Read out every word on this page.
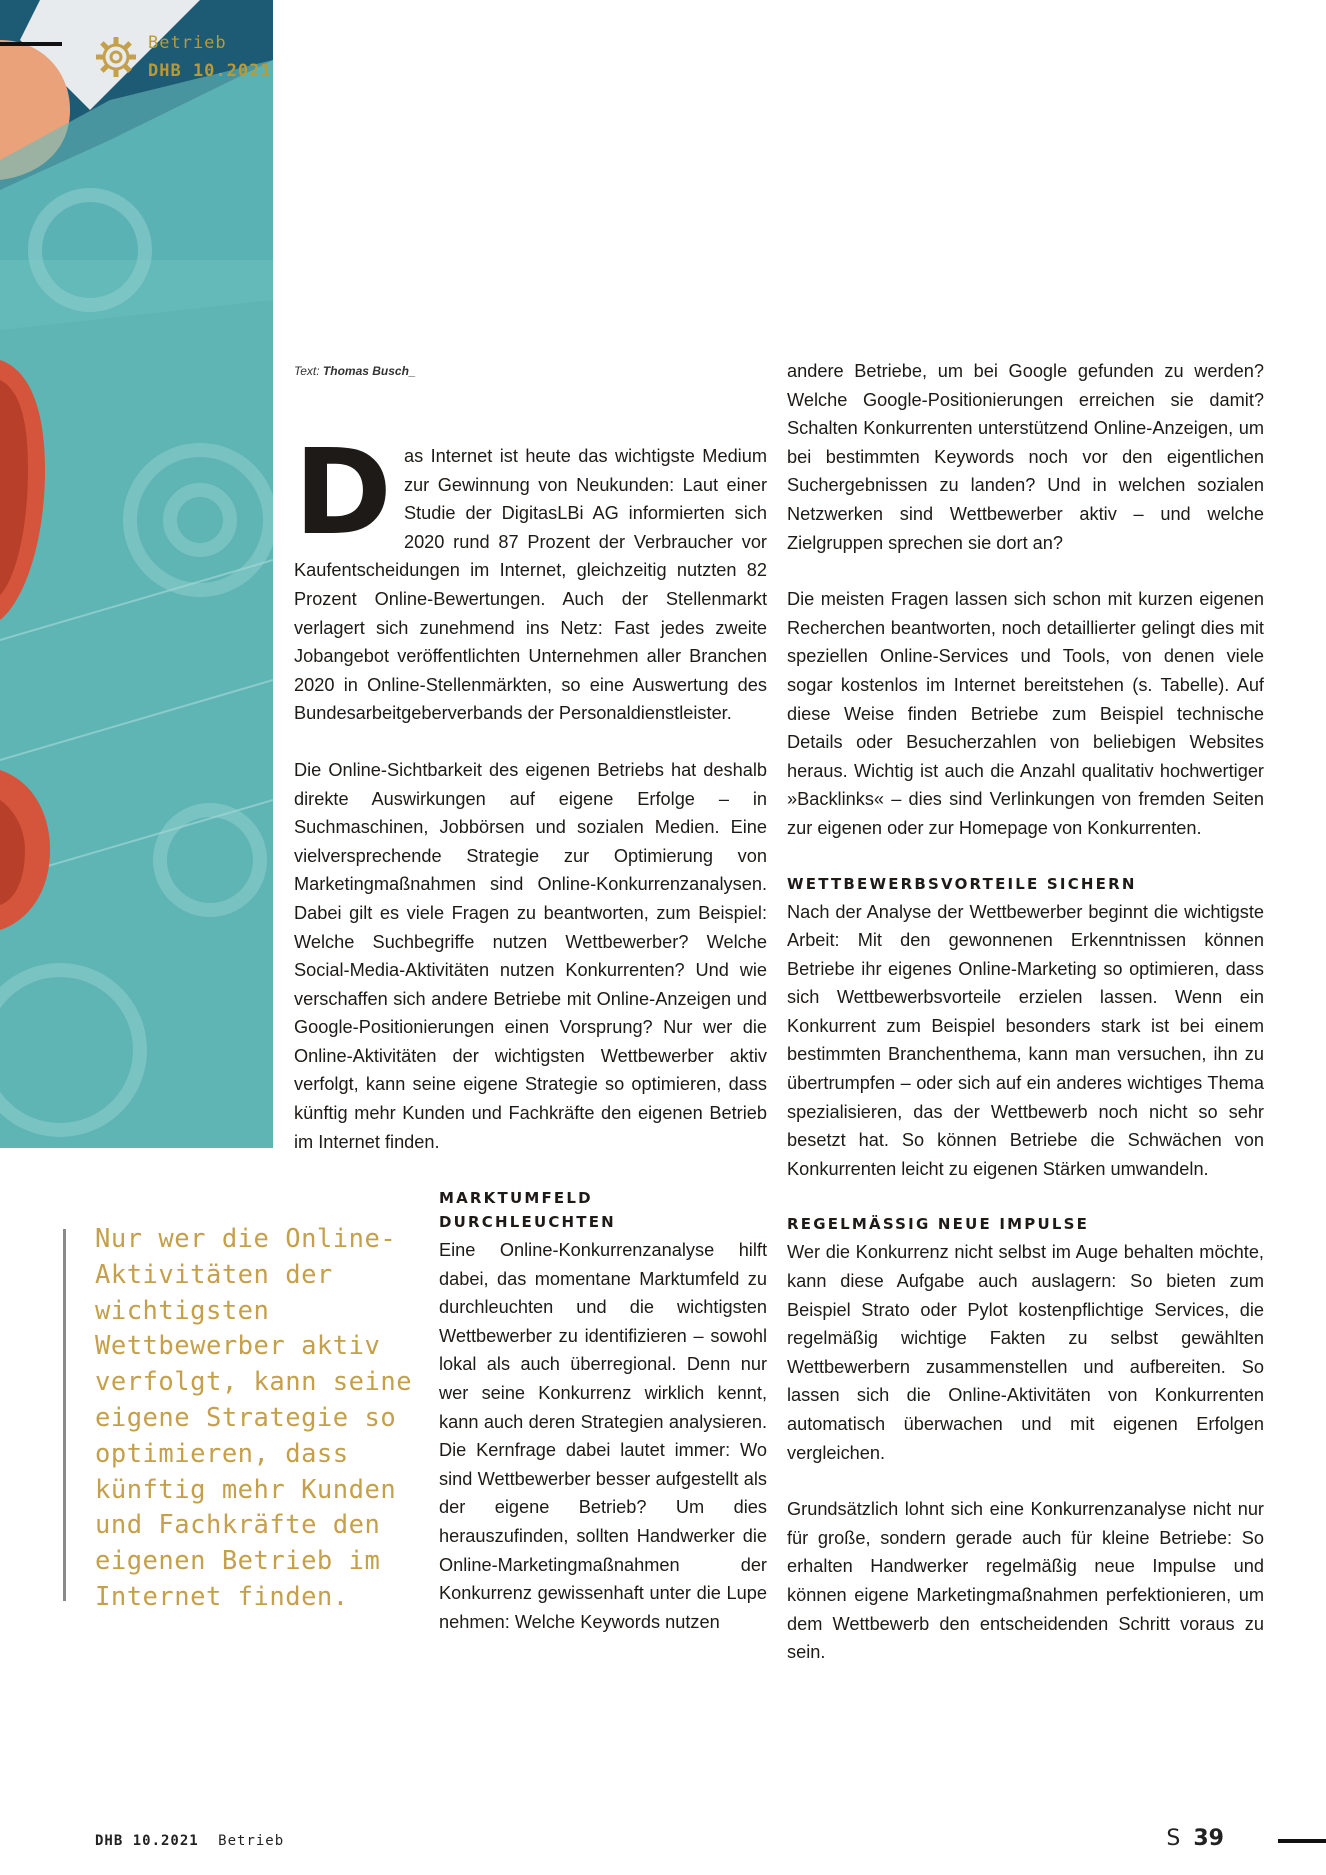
Betrieb
DHB 10.2021
Text: Thomas Busch_

Das Internet ist heute das wichtigste Medium zur Gewinnung von Neukunden: Laut einer Studie der DigitasLBi AG informierten sich 2020 rund 87 Prozent der Verbraucher vor Kaufentscheidungen im Internet, gleichzeitig nutzten 82 Prozent Online-Bewertungen. Auch der Stellenmarkt verlagert sich zunehmend ins Netz: Fast jedes zweite Jobangebot veröffentlichten Unternehmen aller Branchen 2020 in Online-Stellenmärkten, so eine Auswertung des Bundesarbeitgeberverbands der Personaldienstleister.

Die Online-Sichtbarkeit des eigenen Betriebs hat deshalb direkte Auswirkungen auf eigene Erfolge – in Suchmaschinen, Jobbörsen und sozialen Medien. Eine vielversprechende Strategie zur Optimierung von Marketingmaßnahmen sind Online-Konkurrenzanalysen. Dabei gilt es viele Fragen zu beantworten, zum Beispiel: Welche Suchbegriffe nutzen Wettbewerber? Welche Social-Media-Aktivitäten nutzen Konkurrenten? Und wie verschaffen sich andere Betriebe mit Online-Anzeigen und Google-Positionierungen einen Vorsprung? Nur wer die Online-Aktivitäten der wichtigsten Wettbewerber aktiv verfolgt, kann seine eigene Strategie so optimieren, dass künftig mehr Kunden und Fachkräfte den eigenen Betrieb im Internet finden.

MARKTUMFELD DURCHLEUCHTEN

Eine Online-Konkurrenzanalyse hilft dabei, das momentane Marktumfeld zu durchleuchten und die wichtigsten Wettbewerber zu identifizieren – sowohl lokal als auch überregional. Denn nur wer seine Konkurrenz wirklich kennt, kann auch deren Strategien analysieren. Die Kernfrage dabei lautet immer: Wo sind Wettbewerber besser aufgestellt als der eigene Betrieb? Um dies herauszufinden, sollten Handwerker die Online-Marketingmaßnahmen der Konkurrenz gewissenhaft unter die Lupe nehmen: Welche Keywords nutzen

andere Betriebe, um bei Google gefunden zu werden? Welche Google-Positionierungen erreichen sie damit? Schalten Konkurrenten unterstützend Online-Anzeigen, um bei bestimmten Keywords noch vor den eigentlichen Suchergebnissen zu landen? Und in welchen sozialen Netzwerken sind Wettbewerber aktiv – und welche Zielgruppen sprechen sie dort an?

Die meisten Fragen lassen sich schon mit kurzen eigenen Recherchen beantworten, noch detaillierter gelingt dies mit speziellen Online-Services und Tools, von denen viele sogar kostenlos im Internet bereitstehen (s. Tabelle). Auf diese Weise finden Betriebe zum Beispiel technische Details oder Besucherzahlen von beliebigen Websites heraus. Wichtig ist auch die Anzahl qualitativ hochwertiger »Backlinks« – dies sind Verlinkungen von fremden Seiten zur eigenen oder zur Homepage von Konkurrenten.

WETTBEWERBSVORTEILE SICHERN

Nach der Analyse der Wettbewerber beginnt die wichtigste Arbeit: Mit den gewonnenen Erkenntnissen können Betriebe ihr eigenes Online-Marketing so optimieren, dass sich Wettbewerbsvorteile erzielen lassen. Wenn ein Konkurrent zum Beispiel besonders stark ist bei einem bestimmten Branchenthema, kann man versuchen, ihn zu übertrumpfen – oder sich auf ein anderes wichtiges Thema spezialisieren, das der Wettbewerb noch nicht so sehr besetzt hat. So können Betriebe die Schwächen von Konkurrenten leicht zu eigenen Stärken umwandeln.

REGELMÄSSIG NEUE IMPULSE

Wer die Konkurrenz nicht selbst im Auge behalten möchte, kann diese Aufgabe auch auslagern: So bieten zum Beispiel Strato oder Pylot kostenpflichtige Services, die regelmäßig wichtige Fakten zu selbst gewählten Wettbewerbern zusammenstellen und aufbereiten. So lassen sich die Online-Aktivitäten von Konkurrenten automatisch überwachen und mit eigenen Erfolgen vergleichen.

Grundsätzlich lohnt sich eine Konkurrenzanalyse nicht nur für große, sondern gerade auch für kleine Betriebe: So erhalten Handwerker regelmäßig neue Impulse und können eigene Marketingmaßnahmen perfektionieren, um dem Wettbewerb den entscheidenden Schritt voraus zu sein.

Nur wer die Online-Aktivitäten der wichtigsten Wettbewerber aktiv verfolgt, kann seine eigene Strategie so optimieren, dass künftig mehr Kunden und Fachkräfte den eigenen Betrieb im Internet finden.
DHB 10.2021 Betrieb	S 39
